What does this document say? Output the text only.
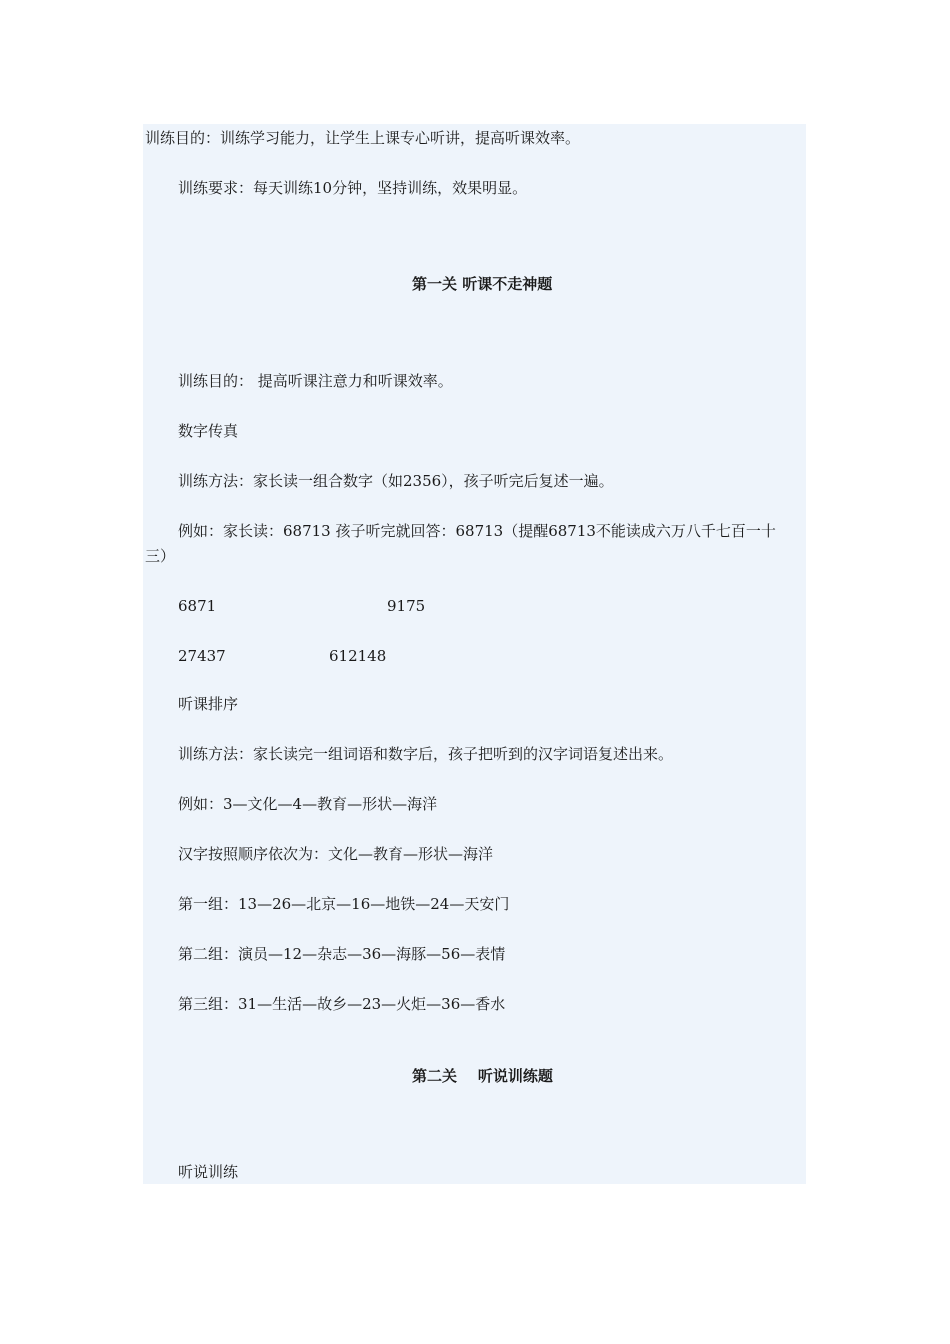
训练目的：训练学习能力，让学生上课专心听讲，提高听课效率。
训练要求：每天训练10分钟，坚持训练，效果明显。
第一关 听课不走神题
训练目的： 提高听课注意力和听课效率。
数字传真
训练方法：家长读一组合数字（如2356），孩子听完后复述一遍。
例如：家长读：68713 孩子听完就回答：68713（提醒68713不能读成六万八千七百一十
三）
6871	9175
27437	612148
听课排序
训练方法：家长读完一组词语和数字后，孩子把听到的汉字词语复述出来。
例如：3—文化—4—教育—形状—海洋
汉字按照顺序依次为：文化—教育—形状—海洋
第一组：13—26—北京—16—地铁—24—天安门
第二组：演员—12—杂志—36—海豚—56—表情
第三组：31—生活—故乡—23—火炬—36—香水
第二关    听说训练题
听说训练
